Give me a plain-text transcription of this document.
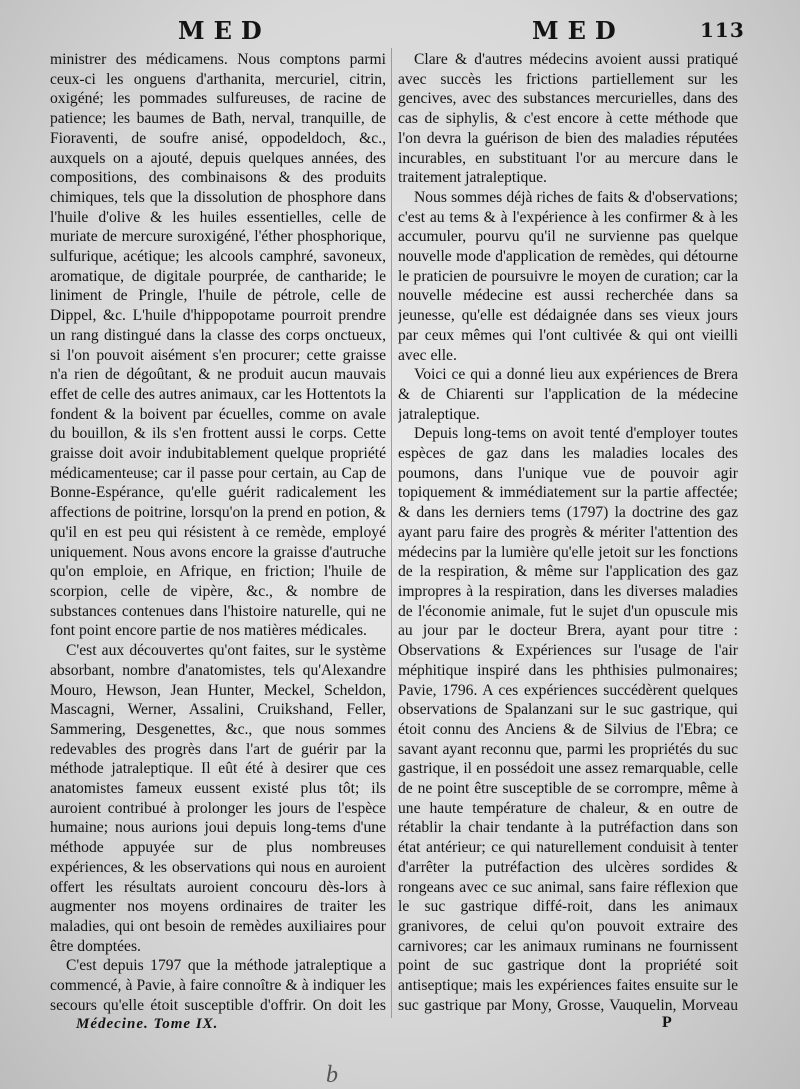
MED	MED	113

ministrer des médicamens. Nous comptons parmi ceux-ci les onguens d'arthanita, mercuriel, citrin, oxigéné; les pommades sulfureuses, de racine de patience; les baumes de Bath, nerval, tranquille, de Fioraventi, de soufre anisé, oppodeldoch, &c., auxquels on a ajouté, depuis quelques années, des compositions, des combinaisons & des produits chimiques, tels que la dissolution de phosphore dans l'huile d'olive & les huiles essentielles, celle de muriate de mercure suroxigéné, l'éther phosphorique, sulfurique, acétique; les alcools camphré, savoneux, aromatique, de digitale pourprée, de cantharide; le liniment de Pringle, l'huile de pétrole, celle de Dippel, &c. L'huile d'hippopotame pourroit prendre un rang distingué dans la classe des corps onctueux, si l'on pouvoit aisément s'en procurer; cette graisse n'a rien de dégoûtant, & ne produit aucun mauvais effet de celle des autres animaux, car les Hottentots la fondent & la boivent par écuelles, comme on avale du bouillon, & ils s'en frottent aussi le corps. Cette graisse doit avoir indubitablement quelque propriété médicamenteuse; car il passe pour certain, au Cap de Bonne-Espérance, qu'elle guérit radicalement les affections de poitrine, lorsqu'on la prend en potion, & qu'il en est peu qui résistent à ce remède, employé uniquement. Nous avons encore la graisse d'autruche qu'on emploie, en Afrique, en friction; l'huile de scorpion, celle de vipère, &c., & nombre de substances contenues dans l'histoire naturelle, qui ne font point encore partie de nos matières médicales.

C'est aux découvertes qu'ont faites, sur le système absorbant, nombre d'anatomistes, tels qu'Alexandre Mouro, Hewson, Jean Hunter, Meckel, Scheldon, Mascagni, Werner, Assalini, Cruikshand, Feller, Sammering, Desgenettes, &c., que nous sommes redevables des progrès dans l'art de guérir par la méthode jatraleptique. Il eût été à desirer que ces anatomistes fameux eussent existé plus tôt; ils auroient contribué à prolonger les jours de l'espèce humaine; nous aurions joui depuis long-tems d'une méthode appuyée sur de plus nombreuses expériences, & les observations qui nous en auroient offert les résultats auroient concouru dès-lors à augmenter nos moyens ordinaires de traiter les maladies, qui ont besoin de remèdes auxiliaires pour être domptées.

C'est depuis 1797 que la méthode jatraleptique a commencé, à Pavie, à faire connoître & à indiquer les secours qu'elle étoit susceptible d'offrir. On doit les

Clare & d'autres médecins avoient aussi pratiqué avec succès les frictions partiellement sur les gencives, avec des substances mercurielles, dans des cas de siphylis, & c'est encore à cette méthode que l'on devra la guérison de bien des maladies réputées incurables, en substituant l'or au mercure dans le traitement jatraleptique.

Nous sommes déjà riches de faits & d'observations; c'est au tems & à l'expérience à les confirmer & à les accumuler, pourvu qu'il ne survienne pas quelque nouvelle mode d'application de remèdes, qui détourne le praticien de poursuivre le moyen de curation; car la nouvelle médecine est aussi recherchée dans sa jeunesse, qu'elle est dédaignée dans ses vieux jours par ceux mêmes qui l'ont cultivée & qui ont vieilli avec elle.

Voici ce qui a donné lieu aux expériences de Brera & de Chiarenti sur l'application de la médecine jatraleptique.

Depuis long-tems on avoit tenté d'employer toutes espèces de gaz dans les maladies locales des poumons, dans l'unique vue de pouvoir agir topiquement & immédiatement sur la partie affectée; & dans les derniers tems (1797) la doctrine des gaz ayant paru faire des progrès & mériter l'attention des médecins par la lumière qu'elle jetoit sur les fonctions de la respiration, & même sur l'application des gaz impropres à la respiration, dans les diverses maladies de l'économie animale, fut le sujet d'un opuscule mis au jour par le docteur Brera, ayant pour titre : Observations & Expériences sur l'usage de l'air méphitique inspiré dans les phthisies pulmonaires; Pavie, 1796. A ces expériences succédèrent quelques observations de Spalanzani sur le suc gastrique, qui étoit connu des Anciens & de Silvius de l'Ebra; ce savant ayant reconnu que, parmi les propriétés du suc gastrique, il en possédoit une assez remarquable, celle de ne point être susceptible de se corrompre, même à une haute température de chaleur, & en outre de rétablir la chair tendante à la putréfaction dans son état antérieur; ce qui naturellement conduisit à tenter d'arrêter la putréfaction des ulcères sordides & rongeans avec ce suc animal, sans faire réflexion que le suc gastrique diffé-roit, dans les animaux granivores, de celui qu'on pouvoit extraire des carnivores; car les animaux ruminans ne fournissent point de suc gastrique dont la propriété soit antiseptique; mais les expériences faites ensuite sur le suc gastrique par Mony, Grosse, Vauquelin, Morveau

Médecine. Tome IX.	P
b
